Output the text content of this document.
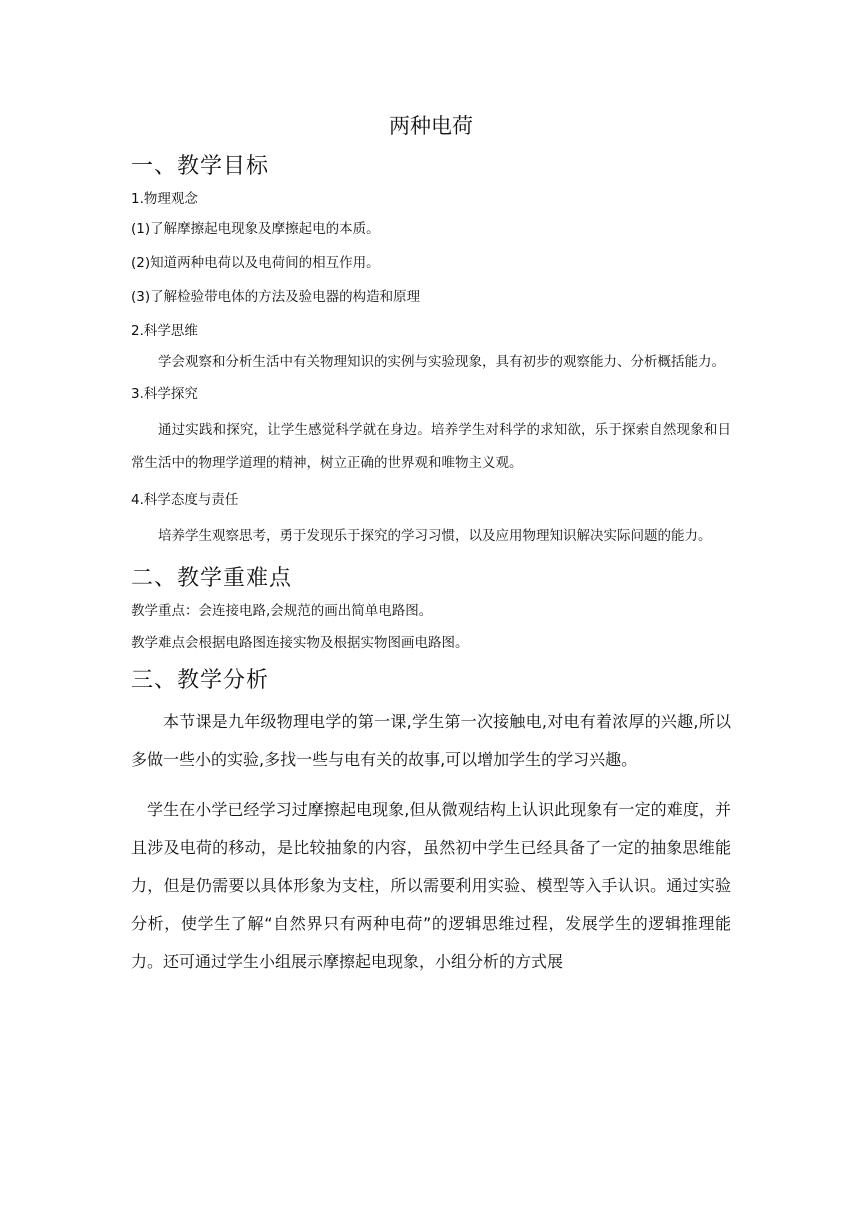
两种电荷
一、教学目标
1.物理观念
(1)了解摩擦起电现象及摩擦起电的本质。
(2)知道两种电荷以及电荷间的相互作用。
(3)了解检验带电体的方法及验电器的构造和原理
2.科学思维

学会观察和分析生活中有关物理知识的实例与实验现象，具有初步的观察能力、分析概括能力。

3.科学探究

通过实践和探究，让学生感觉科学就在身边。培养学生对科学的求知欲，乐于探索自然现象和日常生活中的物理学道理的精神，树立正确的世界观和唯物主义观。

4.科学态度与责任

培养学生观察思考，勇于发现乐于探究的学习习惯，以及应用物理知识解决实际问题的能力。

二、教学重难点
教学重点：会连接电路,会规范的画出简单电路图。
教学难点会根据电路图连接实物及根据实物图画电路图。
三、教学分析

本节课是九年级物理电学的第一课,学生第一次接触电,对电有着浓厚的兴趣,所以多做一些小的实验,多找一些与电有关的故事,可以增加学生的学习兴趣。

学生在小学已经学习过摩擦起电现象,但从微观结构上认识此现象有一定的难度，并且涉及电荷的移动，是比较抽象的内容，虽然初中学生已经具备了一定的抽象思维能力，但是仍需要以具体形象为支柱，所以需要利用实验、模型等入手认识。通过实验分析，使学生了解“自然界只有两种电荷”的逻辑思维过程，发展学生的逻辑推理能力。还可通过学生小组展示摩擦起电现象，小组分析的方式展
